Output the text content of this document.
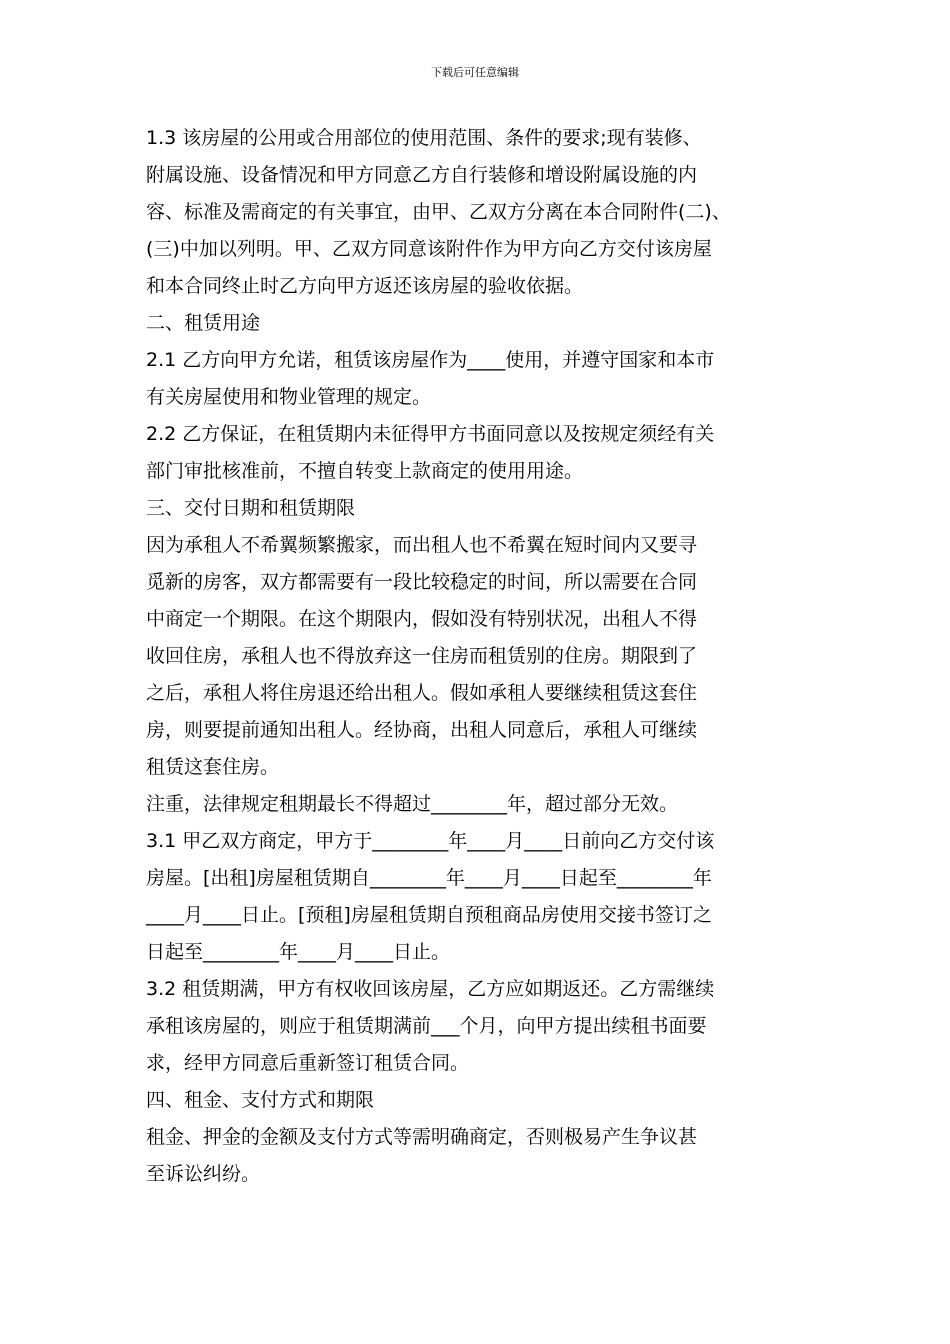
下载后可任意编辑
1.3 该房屋的公用或合用部位的使用范围、条件的要求;现有装修、
附属设施、设备情况和甲方同意乙方自行装修和增设附属设施的内
容、标准及需商定的有关事宜，由甲、乙双方分离在本合同附件(二)、
(三)中加以列明。甲、乙双方同意该附件作为甲方向乙方交付该房屋
和本合同终止时乙方向甲方返还该房屋的验收依据。
二、租赁用途
2.1 乙方向甲方允诺，租赁该房屋作为____使用，并遵守国家和本市
有关房屋使用和物业管理的规定。
2.2 乙方保证，在租赁期内未征得甲方书面同意以及按规定须经有关
部门审批核准前，不擅自转变上款商定的使用用途。
三、交付日期和租赁期限
因为承租人不希翼频繁搬家，而出租人也不希翼在短时间内又要寻
觅新的房客，双方都需要有一段比较稳定的时间，所以需要在合同
中商定一个期限。在这个期限内，假如没有特别状况，出租人不得
收回住房，承租人也不得放弃这一住房而租赁别的住房。期限到了
之后，承租人将住房退还给出租人。假如承租人要继续租赁这套住
房，则要提前通知出租人。经协商，出租人同意后，承租人可继续
租赁这套住房。
注重，法律规定租期最长不得超过________年，超过部分无效。
3.1 甲乙双方商定，甲方于________年____月____日前向乙方交付该
房屋。[出租]房屋租赁期自________年____月____日起至________年
____月____日止。[预租]房屋租赁期自预租商品房使用交接书签订之
日起至________年____月____日止。
3.2 租赁期满，甲方有权收回该房屋，乙方应如期返还。乙方需继续
承租该房屋的，则应于租赁期满前___个月，向甲方提出续租书面要
求，经甲方同意后重新签订租赁合同。
四、租金、支付方式和期限
租金、押金的金额及支付方式等需明确商定，否则极易产生争议甚
至诉讼纠纷。
